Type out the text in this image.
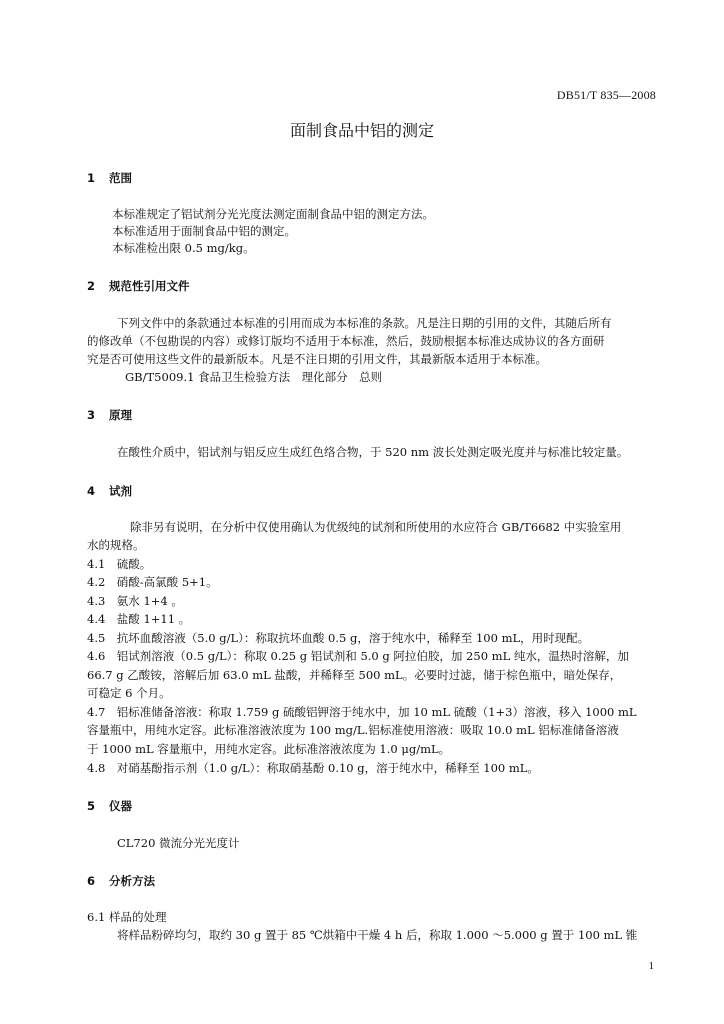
DB51/T 835—2008
面制食品中铝的测定
1 范围
本标准规定了铝试剂分光光度法测定面制食品中铝的测定方法。
本标准适用于面制食品中铝的测定。
本标准检出限 0.5 mg/kg。
2 规范性引用文件
下列文件中的条款通过本标准的引用而成为本标准的条款。凡是注日期的引用的文件，其随后所有
的修改单（不包勘误的内容）或修订版均不适用于本标准，然后，鼓励根据本标准达成协议的各方面研
究是否可使用这些文件的最新版本。凡是不注日期的引用文件，其最新版本适用于本标准。
GB/T5009.1 食品卫生检验方法　理化部分　总则
3 原理
在酸性介质中，铝试剂与铝反应生成红色络合物，于 520 nm 波长处测定吸光度并与标准比较定量。
4 试剂
除非另有说明，在分析中仅使用确认为优级纯的试剂和所使用的水应符合 GB/T6682 中实验室用
水的规格。
4.1　硫酸。
4.2　硝酸-高氯酸 5+1。
4.3　氨水 1+4 。
4.4　盐酸 1+11 。
4.5　抗坏血酸溶液（5.0 g/L）：称取抗坏血酸 0.5 g，溶于纯水中，稀释至 100 mL，用时现配。
4.6　铝试剂溶液（0.5 g/L）：称取 0.25 g 铝试剂和 5.0 g 阿拉伯胶，加 250 mL 纯水，温热时溶解，加
66.7 g 乙酸铵，溶解后加 63.0 mL 盐酸，并稀释至 500 mL。必要时过滤，储于棕色瓶中，暗处保存，
可稳定 6 个月。
4.7　铝标准储备溶液：称取 1.759 g 硫酸铝钾溶于纯水中，加 10 mL 硫酸（1+3）溶液，移入 1000 mL
容量瓶中，用纯水定容。此标准溶液浓度为 100 mg/L.铝标准使用溶液：吸取 10.0 mL 铝标准储备溶液
于 1000 mL 容量瓶中，用纯水定容。此标准溶液浓度为 1.0 μg/mL。
4.8　对硝基酚指示剂（1.0 g/L）：称取硝基酚 0.10 g，溶于纯水中，稀释至 100 mL。
5 仪器
CL720 微流分光光度计
6 分析方法
6.1 样品的处理
将样品粉碎均匀，取约 30 g 置于 85 ℃烘箱中干燥 4 h 后，称取 1.000 ～5.000 g 置于 100 mL 锥
1
